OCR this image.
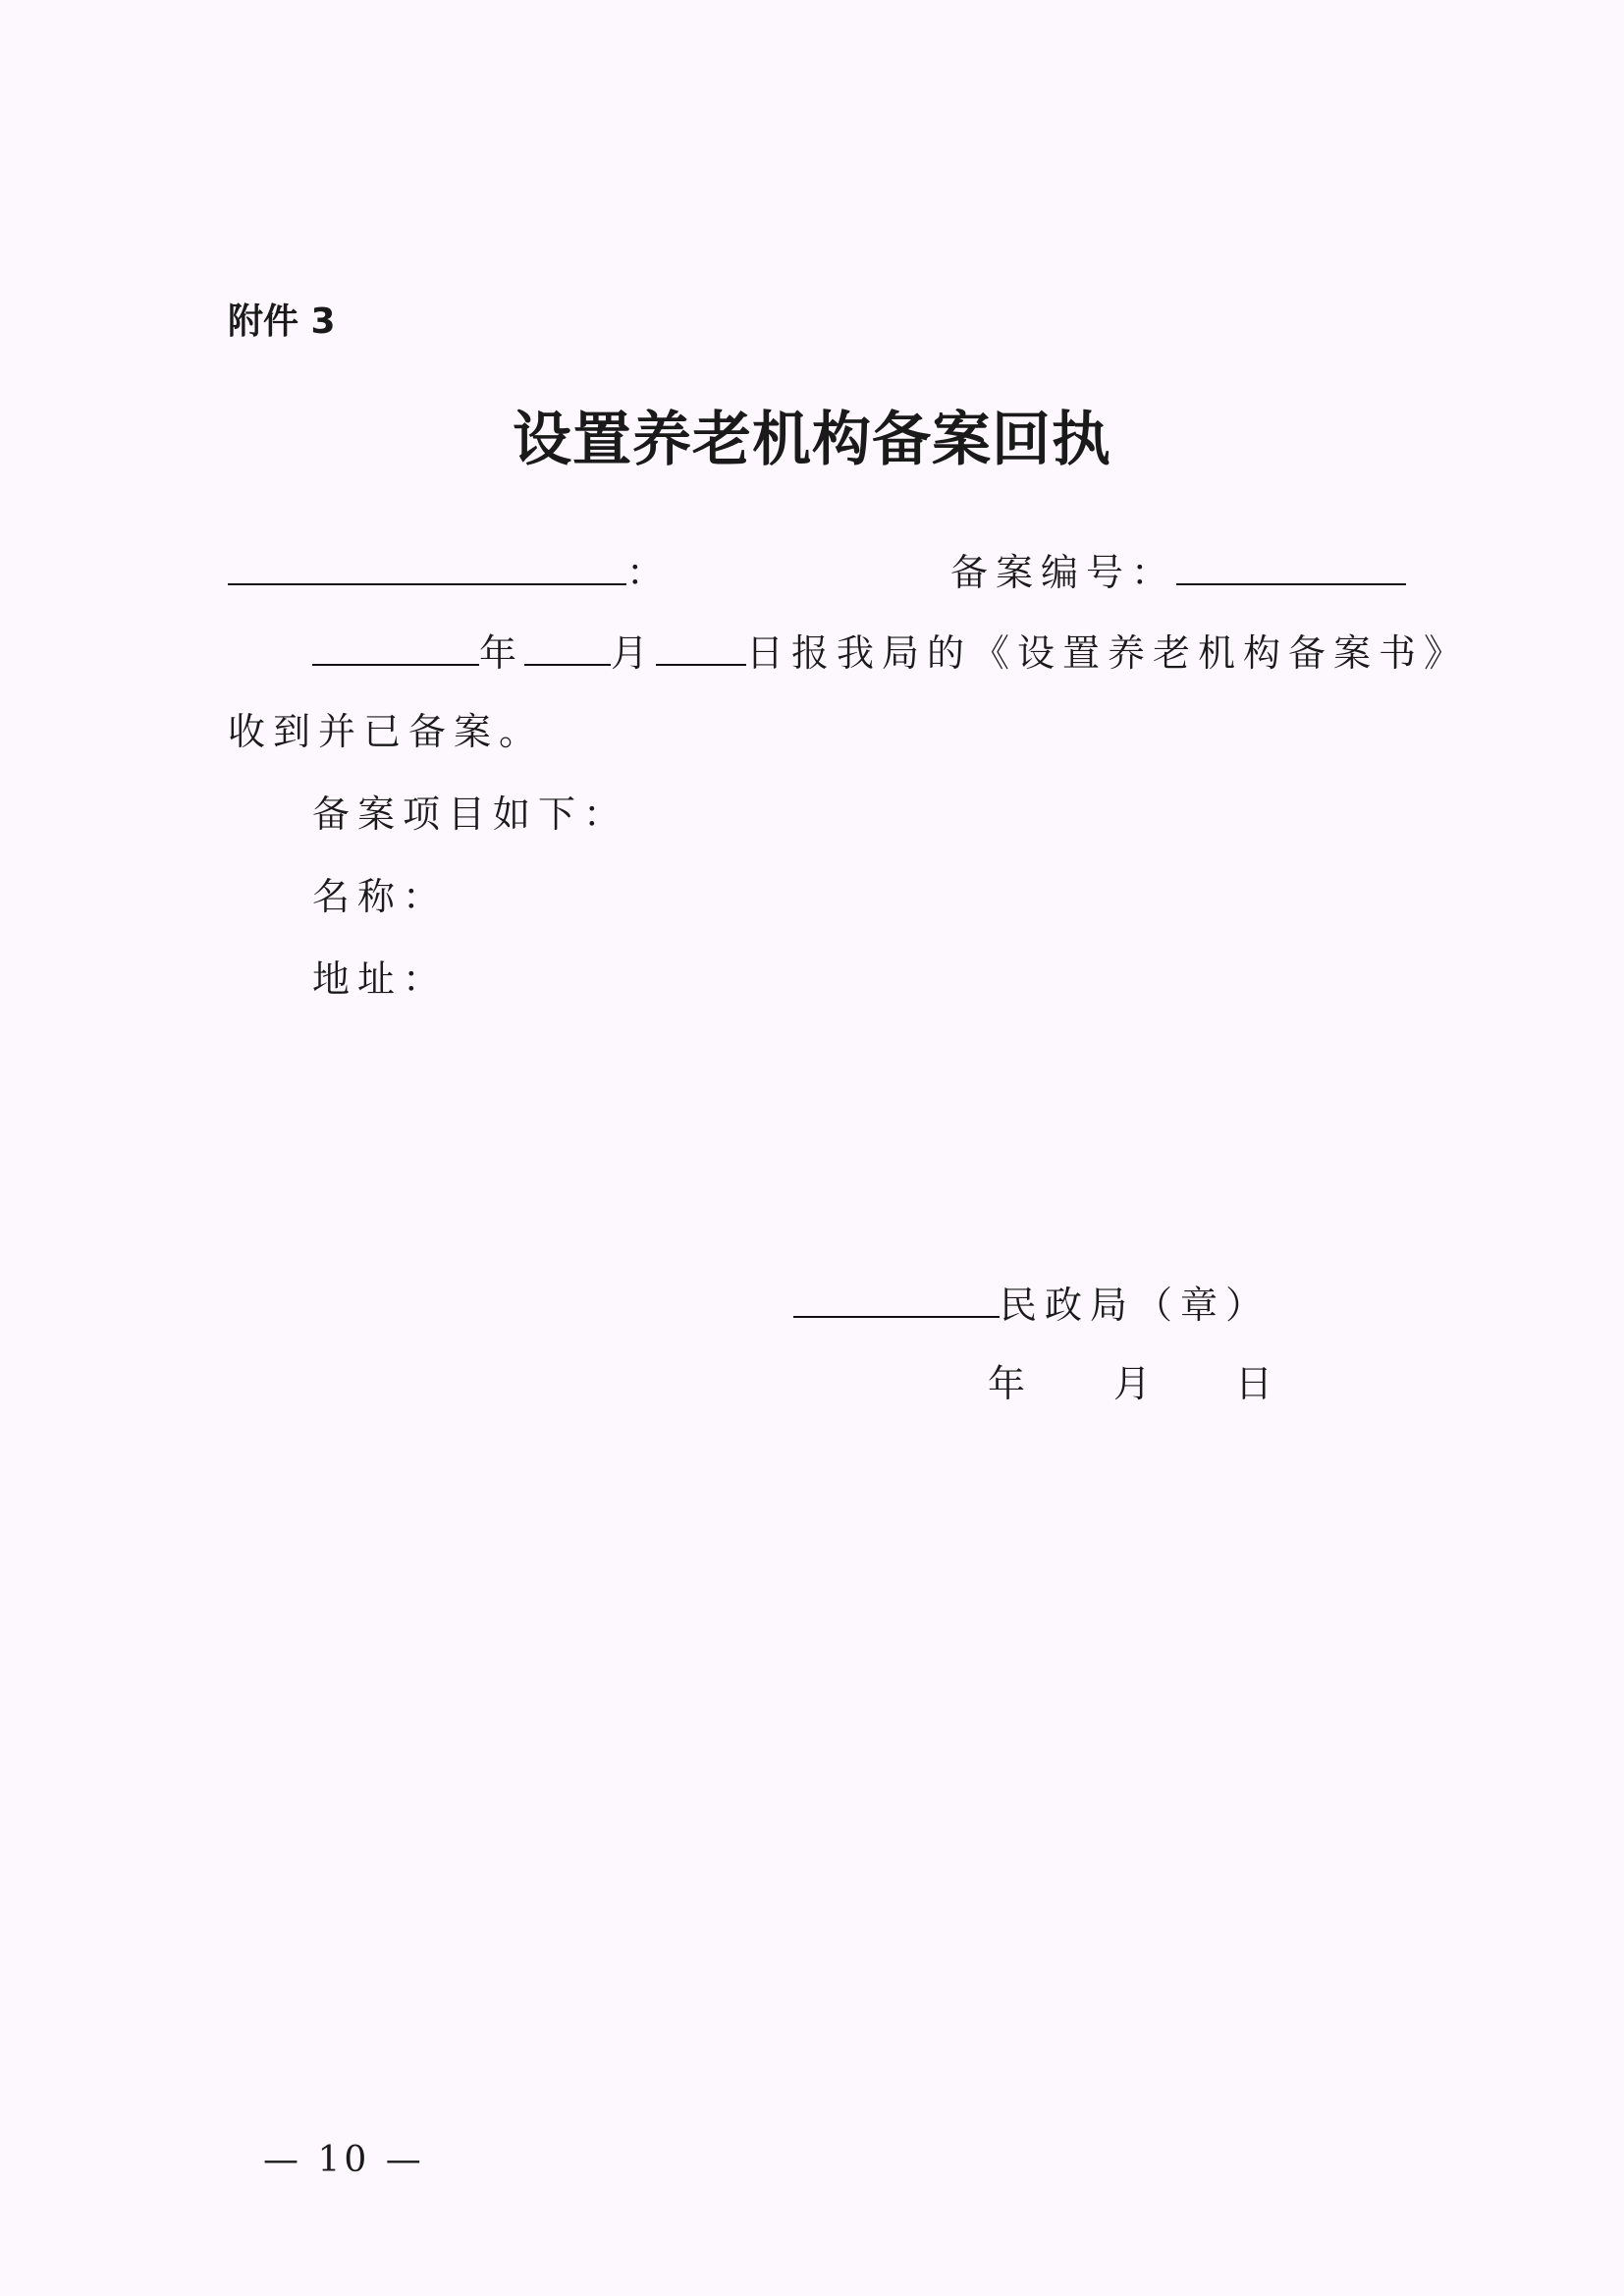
附件 3
设置养老机构备案回执
：	备案编号：
年 月 日报我局的《设置养老机构备案书》
收到并已备案。
备案项目如下：
名称：
地址：
民政局（章）
年 月 日
— 10 —
